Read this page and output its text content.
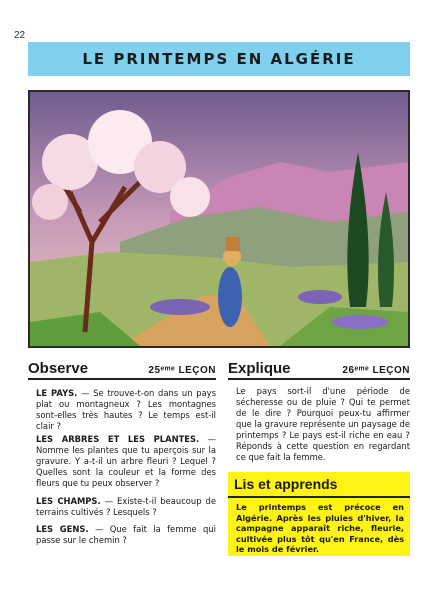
22
LE PRINTEMPS EN ALGÉRIE
Observe	25ᵉᵐᵉ LEÇON
LE PAYS. — Se trouve-t-on dans un pays plat ou montagneux ? Les montagnes sont-elles très hautes ? Le temps est-il clair ?
LES ARBRES ET LES PLANTES. — Nomme les plantes que tu aperçois sur la gravure. Y a-t-il un arbre fleuri ? Lequel ? Quelles sont la couleur et la forme des fleurs que tu peux observer ?
LES CHAMPS. — Existe-t-il beaucoup de terrains cultivés ? Lesquels ?
LES GENS. — Que fait la femme qui passe sur le chemin ?
Explique	26ᵉᵐᵉ LEÇON
Le pays sort-il d'une période de sécheresse ou de pluie ? Qui te permet de le dire ? Pourquoi peux-tu affirmer que la gravure représente un paysage de printemps ? Le pays est-il riche en eau ? Réponds à cette question en regardant ce que fait la femme.
Lis et apprends
Le printemps est précoce en Algérie. Après les pluies d'hiver, la campagne apparaît riche, fleurie, cultivée plus tôt qu'en France, dès le mois de février.
